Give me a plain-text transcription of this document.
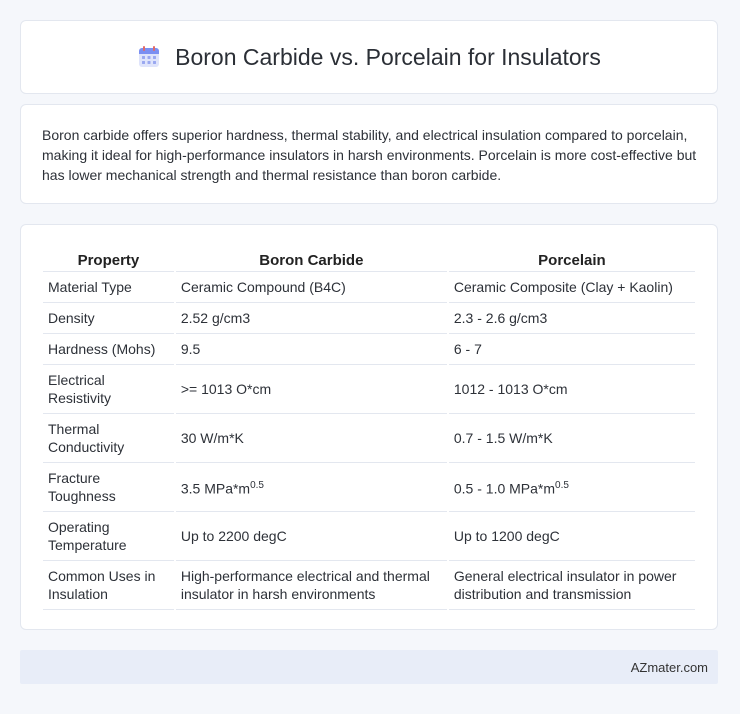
Boron Carbide vs. Porcelain for Insulators

Boron carbide offers superior hardness, thermal stability, and electrical insulation compared to porcelain, making it ideal for high-performance insulators in harsh environments. Porcelain is more cost-effective but has lower mechanical strength and thermal resistance than boron carbide.

Property	Boron Carbide	Porcelain
Material Type	Ceramic Compound (B4C)	Ceramic Composite (Clay + Kaolin)
Density	2.52 g/cm3	2.3 - 2.6 g/cm3
Hardness (Mohs)	9.5	6 - 7
Electrical Resistivity	>= 1013 O*cm	1012 - 1013 O*cm
Thermal Conductivity	30 W/m*K	0.7 - 1.5 W/m*K
Fracture Toughness	3.5 $MPa*m^{0.5}$	0.5 - 1.0 $MPa*m^{0.5}$
Operating Temperature	Up to 2200 degC	Up to 1200 degC
Common Uses in Insulation	High-performance electrical and thermal insulator in harsh environments	General electrical insulator in power distribution and transmission
AZmater.com
